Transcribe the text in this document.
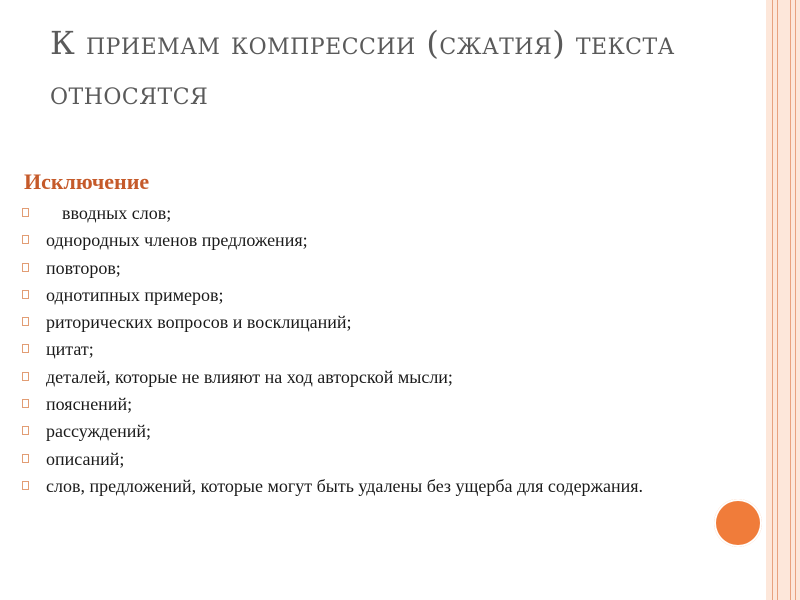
К приемам компрессии (сжатия) текста относятся
Исключение
вводных слов;
однородных членов предложения;
повторов;
однотипных примеров;
риторических вопросов и восклицаний;
цитат;
деталей, которые не влияют на ход авторской мысли;
пояснений;
рассуждений;
описаний;
слов, предложений, которые могут быть удалены без ущерба для содержания.
